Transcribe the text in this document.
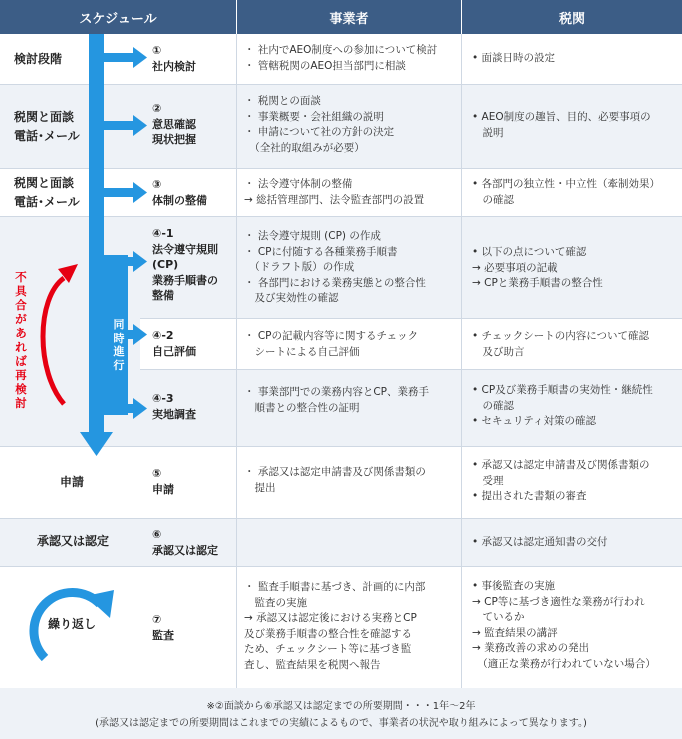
スケジュール	事業者	税関
不
具
合
が
あ
れ
ば
再
検
討
同
時
進
行
繰り返し
検討段階
税関と面談
電話･メール
税関と面談
電話･メール
申請
承認又は認定
①
社内検討
②
意思確認
現状把握
③
体制の整備
④-1
法令遵守規則
(CP)
業務手順書の
整備
④-2
自己評価
④-3
実地調査
⑤
申請
⑥
承認又は認定
⑦
監査
・ 社内でAEO制度への参加について検討
・ 管轄税関のAEO担当部門に相談
・ 税関との面談
・ 事業概要・会社組織の説明
・ 申請について社の方針の決定
　（全社的取組みが必要）
・ 法令遵守体制の整備
→ 総括管理部門、法令監査部門の設置
・ 法令遵守規則 (CP) の作成
・ CPに付随する各種業務手順書
　（ドラフト版）の作成
・ 各部門における業務実態との整合性
　及び実効性の確認
・ CPの記載内容等に関するチェック
　シートによる自己評価
・ 事業部門での業務内容とCP、業務手
　順書との整合性の証明
・ 承認又は認定申請書及び関係書類の
　提出
・ 監査手順書に基づき、計画的に内部
　監査の実施
→ 承認又は認定後における実務とCP
及び業務手順書の整合性を確認する
ため、チェックシート等に基づき監
査し、監査結果を税関へ報告
• 面談日時の設定
• AEO制度の趣旨、目的、必要事項の
　説明
• 各部門の独立性・中立性（牽制効果）
　の確認
• 以下の点について確認
→ 必要事項の記載
→ CPと業務手順書の整合性
• チェックシートの内容について確認
　及び助言
• CP及び業務手順書の実効性・継続性
　の確認
• セキュリティ対策の確認
• 承認又は認定申請書及び関係書類の
　受理
• 提出された書類の審査
• 承認又は認定通知書の交付
• 事後監査の実施
→ CP等に基づき適性な業務が行われ
　ているか
→ 監査結果の講評
→ 業務改善の求めの発出
　（適正な業務が行われていない場合）
※②面談から⑥承認又は認定までの所要期間・・・1年〜2年
(承認又は認定までの所要期間はこれまでの実績によるもので、事業者の状況や取り組みによって異なります。)
